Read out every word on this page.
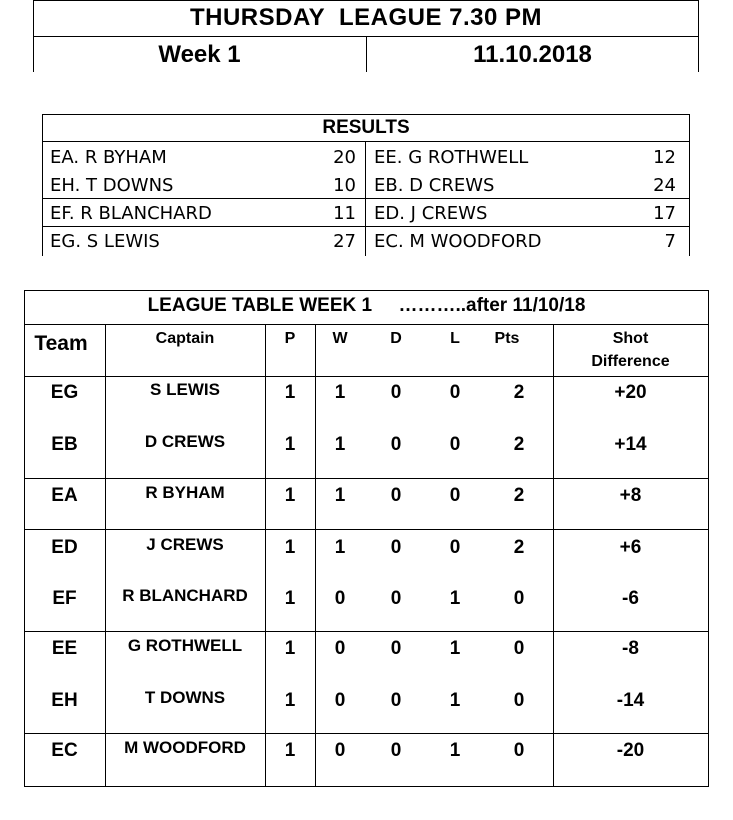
THURSDAY  LEAGUE 7.30 PM
Week 1	11.10.2018
RESULTS
EA. R BYHAM	20 EE. G ROTHWELL	12
EH. T DOWNS	10 EB. D CREWS	24
EF. R BLANCHARD	11 ED. J CREWS	17
EG. S LEWIS	27 EC. M WOODFORD	7
LEAGUE TABLE WEEK 1     ………..after 11/10/18
Team	Captain	P	W	D	L	Pts	Shot
Difference
EG	S LEWIS	1	1	0	0	2	+20
EB	D CREWS	1	1	0	0	2	+14
EA	R BYHAM	1	1	0	0	2	+8
ED	J CREWS	1	1	0	0	2	+6
EF	R BLANCHARD	1	0	0	1	0	-6
EE	G ROTHWELL	1	0	0	1	0	-8
EH	T DOWNS	1	0	0	1	0	-14
EC	M WOODFORD	1	0	0	1	0	-20
